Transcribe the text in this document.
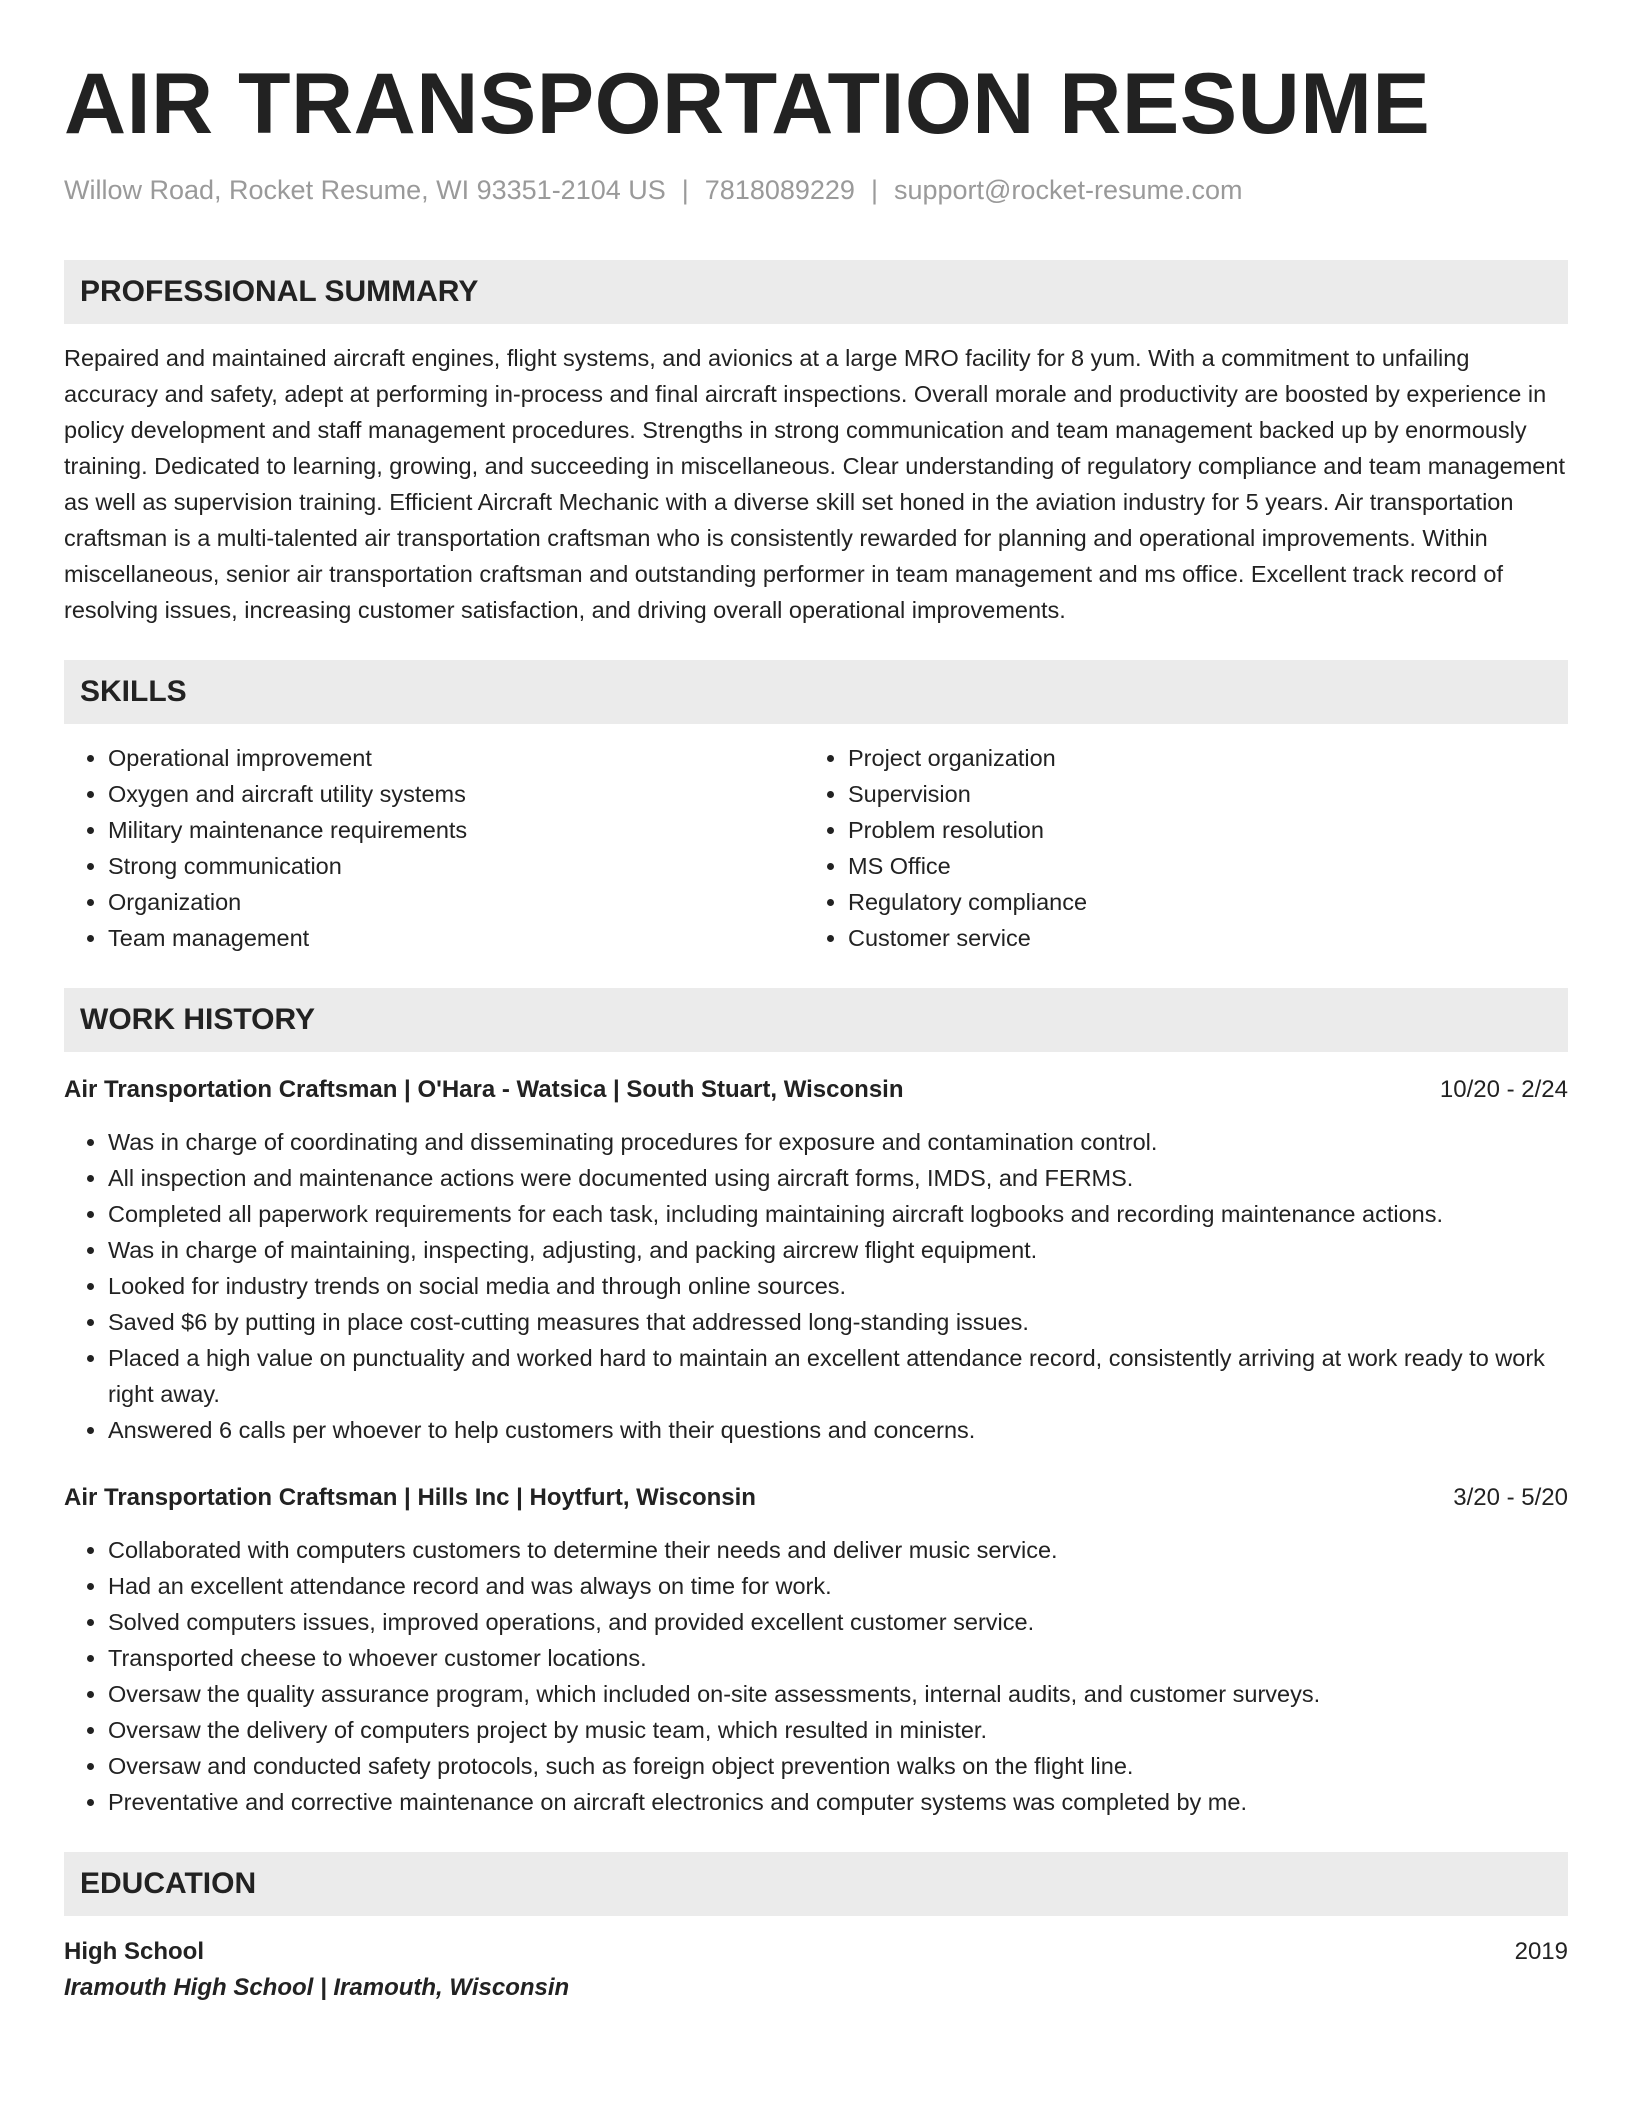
AIR TRANSPORTATION RESUME
Willow Road, Rocket Resume, WI 93351-2104 US | 7818089229 | support@rocket-resume.com
PROFESSIONAL SUMMARY

Repaired and maintained aircraft engines, flight systems, and avionics at a large MRO facility for 8 yum. With a commitment to unfailing accuracy and safety, adept at performing in-process and final aircraft inspections. Overall morale and productivity are boosted by experience in policy development and staff management procedures. Strengths in strong communication and team management backed up by enormously training. Dedicated to learning, growing, and succeeding in miscellaneous. Clear understanding of regulatory compliance and team management as well as supervision training. Efficient Aircraft Mechanic with a diverse skill set honed in the aviation industry for 5 years. Air transportation craftsman is a multi-talented air transportation craftsman who is consistently rewarded for planning and operational improvements. Within miscellaneous, senior air transportation craftsman and outstanding performer in team management and ms office. Excellent track record of resolving issues, increasing customer satisfaction, and driving overall operational improvements.

SKILLS
• Operational improvement
• Oxygen and aircraft utility systems
• Military maintenance requirements
• Strong communication
• Organization
• Team management
• Project organization
• Supervision
• Problem resolution
• MS Office
• Regulatory compliance
• Customer service
WORK HISTORY
Air Transportation Craftsman | O'Hara - Watsica | South Stuart, Wisconsin	10/20 - 2/24
• Was in charge of coordinating and disseminating procedures for exposure and contamination control.
• All inspection and maintenance actions were documented using aircraft forms, IMDS, and FERMS.
• Completed all paperwork requirements for each task, including maintaining aircraft logbooks and recording maintenance actions.
• Was in charge of maintaining, inspecting, adjusting, and packing aircrew flight equipment.
• Looked for industry trends on social media and through online sources.
• Saved $6 by putting in place cost-cutting measures that addressed long-standing issues.
• Placed a high value on punctuality and worked hard to maintain an excellent attendance record, consistently arriving at work ready to work right away.
• Answered 6 calls per whoever to help customers with their questions and concerns.
Air Transportation Craftsman | Hills Inc | Hoytfurt, Wisconsin	3/20 - 5/20
• Collaborated with computers customers to determine their needs and deliver music service.
• Had an excellent attendance record and was always on time for work.
• Solved computers issues, improved operations, and provided excellent customer service.
• Transported cheese to whoever customer locations.
• Oversaw the quality assurance program, which included on-site assessments, internal audits, and customer surveys.
• Oversaw the delivery of computers project by music team, which resulted in minister.
• Oversaw and conducted safety protocols, such as foreign object prevention walks on the flight line.
• Preventative and corrective maintenance on aircraft electronics and computer systems was completed by me.
EDUCATION
High School	2019
Iramouth High School | Iramouth, Wisconsin
